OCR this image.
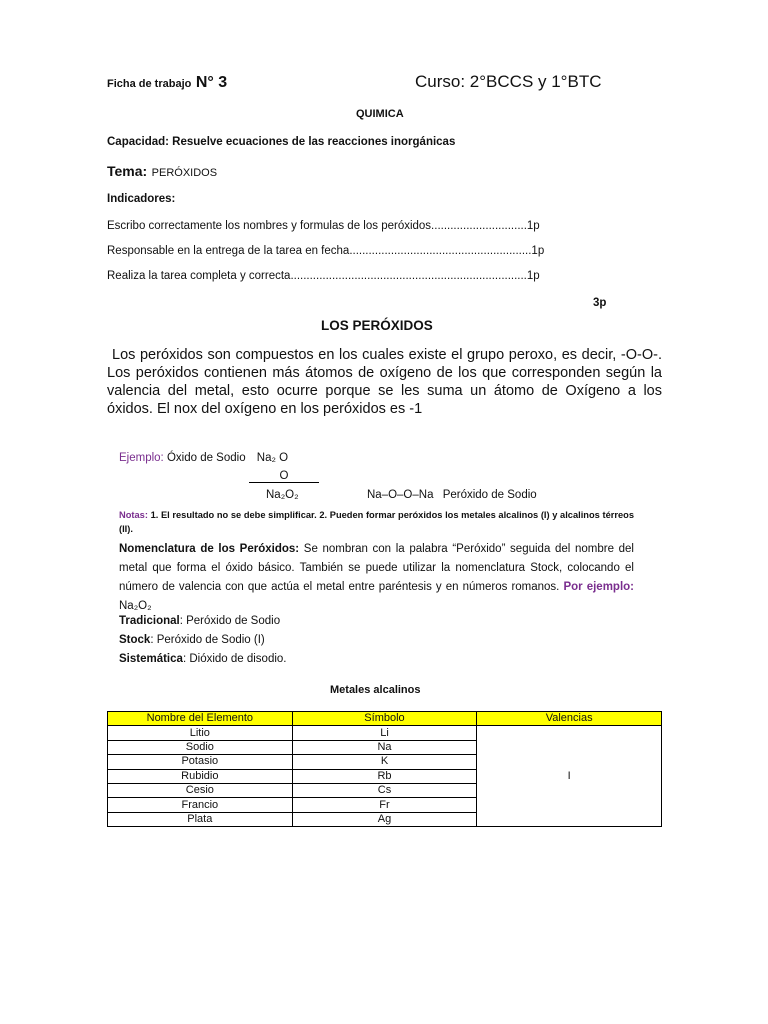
Ficha de trabajo N° 3	Curso: 2°BCCS y 1°BTC
QUIMICA
Capacidad: Resuelve ecuaciones de las reacciones inorgánicas
Tema: PERÓXIDOS
Indicadores:
Escribo correctamente los nombres y formulas de los peróxidos..............................1p
Responsable en la entrega de la tarea en fecha.........................................................1p
Realiza la tarea completa y correcta..........................................................................1p
3p
LOS PERÓXIDOS
Los peróxidos son compuestos en los cuales existe el grupo peroxo, es decir, -O-O-. Los peróxidos contienen más átomos de oxígeno de los que corresponden según la valencia del metal, esto ocurre porque se les suma un átomo de Oxígeno a los óxidos. El nox del oxígeno en los peróxidos es -1
Ejemplo: Óxido de Sodio Na₂ O
O
Na₂O₂	Na–O–O–Na Peróxido de Sodio
Notas: 1. El resultado no se debe simplificar. 2. Pueden formar peróxidos los metales alcalinos (I) y alcalinos térreos (II).
Nomenclatura de los Peróxidos: Se nombran con la palabra “Peróxido” seguida del nombre del metal que forma el óxido básico. También se puede utilizar la nomenclatura Stock, colocando el número de valencia con que actúa el metal entre paréntesis y en números romanos. Por ejemplo: Na₂O₂
Tradicional: Peróxido de Sodio
Stock: Peróxido de Sodio (I)
Sistemática: Dióxido de disodio.
Metales alcalinos
Nombre del Elemento	Símbolo	Valencias
Litio	Li	I
Sodio	Na	
Potasio	K	
Rubidio	Rb	
Cesio	Cs	
Francio	Fr	
Plata	Ag	
